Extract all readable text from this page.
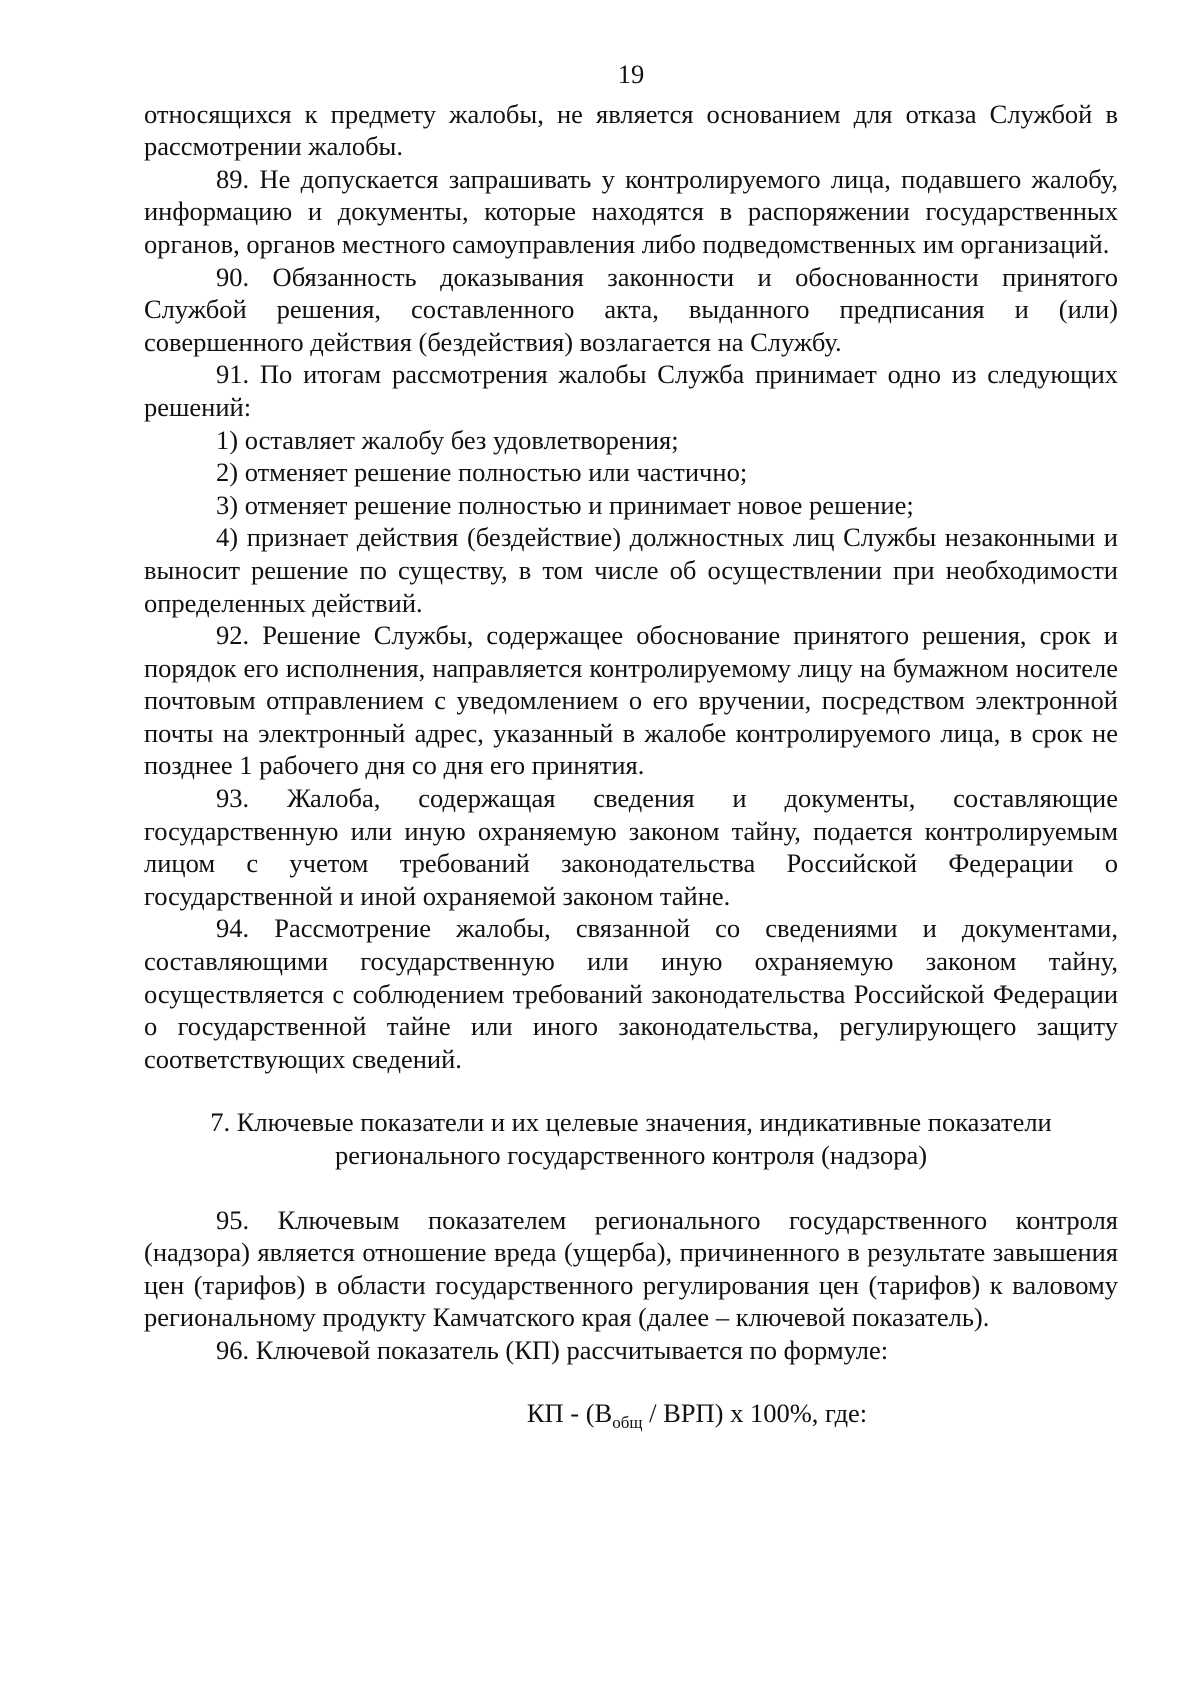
19

относящихся к предмету жалобы, не является основанием для отказа Службой в рассмотрении жалобы.

89. Не допускается запрашивать у контролируемого лица, подавшего жалобу, информацию и документы, которые находятся в распоряжении государственных органов, органов местного самоуправления либо подведомственных им организаций.

90. Обязанность доказывания законности и обоснованности принятого Службой решения, составленного акта, выданного предписания и (или) совершенного действия (бездействия) возлагается на Службу.

91. По итогам рассмотрения жалобы Служба принимает одно из следующих решений:

1) оставляет жалобу без удовлетворения;

2) отменяет решение полностью или частично;

3) отменяет решение полностью и принимает новое решение;

4) признает действия (бездействие) должностных лиц Службы незаконными и выносит решение по существу, в том числе об осуществлении при необходимости определенных действий.

92. Решение Службы, содержащее обоснование принятого решения, срок и порядок его исполнения, направляется контролируемому лицу на бумажном носителе почтовым отправлением с уведомлением о его вручении, посредством электронной почты на электронный адрес, указанный в жалобе контролируемого лица, в срок не позднее 1 рабочего дня со дня его принятия.

93. Жалоба, содержащая сведения и документы, составляющие государственную или иную охраняемую законом тайну, подается контролируемым лицом с учетом требований законодательства Российской Федерации о государственной и иной охраняемой законом тайне.

94. Рассмотрение жалобы, связанной со сведениями и документами, составляющими государственную или иную охраняемую законом тайну, осуществляется с соблюдением требований законодательства Российской Федерации о государственной тайне или иного законодательства, регулирующего защиту соответствующих сведений.

7. Ключевые показатели и их целевые значения, индикативные показатели
регионального государственного контроля (надзора)

95. Ключевым показателем регионального государственного контроля (надзора) является отношение вреда (ущерба), причиненного в результате завышения цен (тарифов) в области государственного регулирования цен (тарифов) к валовому региональному продукту Камчатского края (далее – ключевой показатель).

96. Ключевой показатель (КП) рассчитывается по формуле:

КП - $(В_{общ} / ВРП)$ х 100%, где:
